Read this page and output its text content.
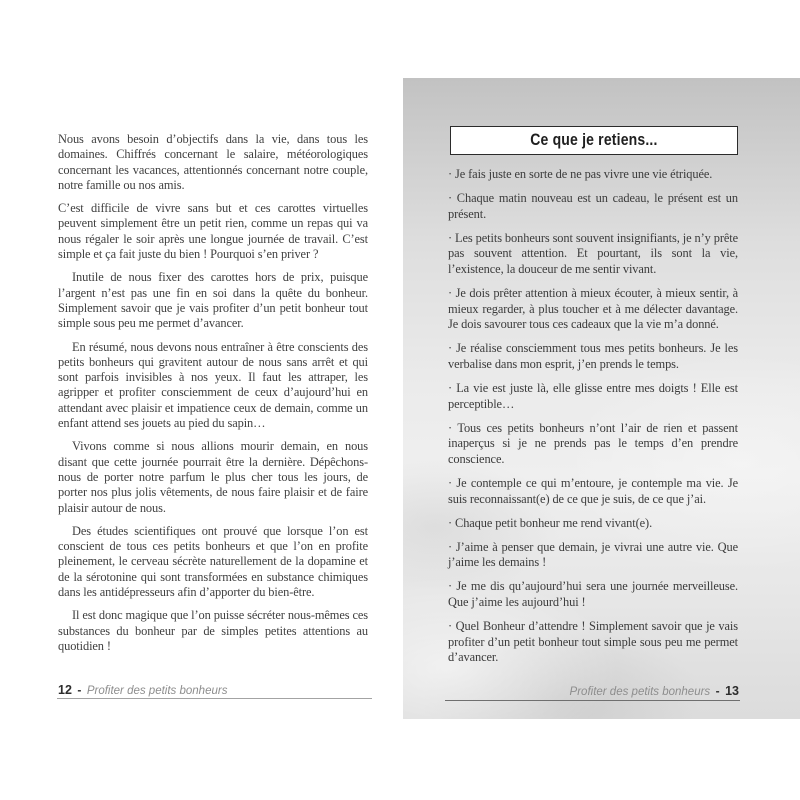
Nous avons besoin d’objectifs dans la vie, dans tous les domaines. Chiffrés concernant le salaire, météorologiques concernant les vacances, attentionnés concernant notre couple, notre famille ou nos amis.

C’est difficile de vivre sans but et ces carottes virtuelles peuvent simplement être un petit rien, comme un repas qui va nous régaler le soir après une longue journée de travail. C’est simple et ça fait juste du bien ! Pourquoi s’en priver ?

Inutile de nous fixer des carottes hors de prix, puisque l’argent n’est pas une fin en soi dans la quête du bonheur. Simplement savoir que je vais profiter d’un petit bonheur tout simple sous peu me permet d’avancer.

En résumé, nous devons nous entraîner à être conscients des petits bonheurs qui gravitent autour de nous sans arrêt et qui sont parfois invisibles à nos yeux. Il faut les attraper, les agripper et profiter consciemment de ceux d’aujourd’hui en attendant avec plaisir et impatience ceux de demain, comme un enfant attend ses jouets au pied du sapin…

Vivons comme si nous allions mourir demain, en nous disant que cette journée pourrait être la dernière. Dépêchons-nous de porter notre parfum le plus cher tous les jours, de porter nos plus jolis vêtements, de nous faire plaisir et de faire plaisir autour de nous.

Des études scientifiques ont prouvé que lorsque l’on est conscient de tous ces petits bonheurs et que l’on en profite pleinement, le cerveau sécrète naturellement de la dopamine et de la sérotonine qui sont transformées en substance chimiques dans les antidépresseurs afin d’apporter du bien-être.

Il est donc magique que l’on puisse sécréter nous-mêmes ces substances du bonheur par de simples petites attentions au quotidien !

12 - Profiter des petits bonheurs
Ce que je retiens...

· Je fais juste en sorte de ne pas vivre une vie étriquée.

· Chaque matin nouveau est un cadeau, le présent est un présent.

· Les petits bonheurs sont souvent insignifiants, je n’y prête pas souvent attention. Et pourtant, ils sont la vie, l’existence, la douceur de me sentir vivant.

· Je dois prêter attention à mieux écouter, à mieux sentir, à mieux regarder, à plus toucher et à me délecter davantage. Je dois savourer tous ces cadeaux que la vie m’a donné.

· Je réalise consciemment tous mes petits bonheurs. Je les verbalise dans mon esprit, j’en prends le temps.

· La vie est juste là, elle glisse entre mes doigts ! Elle est perceptible…

· Tous ces petits bonheurs n’ont l’air de rien et passent inaperçus si je ne prends pas le temps d’en prendre conscience.

· Je contemple ce qui m’entoure, je contemple ma vie. Je suis reconnaissant(e) de ce que je suis, de ce que j’ai.

· Chaque petit bonheur me rend vivant(e).

· J’aime à penser que demain, je vivrai une autre vie. Que j’aime les demains !

· Je me dis qu’aujourd’hui sera une journée merveilleuse. Que j’aime les aujourd’hui !

· Quel Bonheur d’attendre ! Simplement savoir que je vais profiter d’un petit bonheur tout simple sous peu me permet d’avancer.

Profiter des petits bonheurs - 13
